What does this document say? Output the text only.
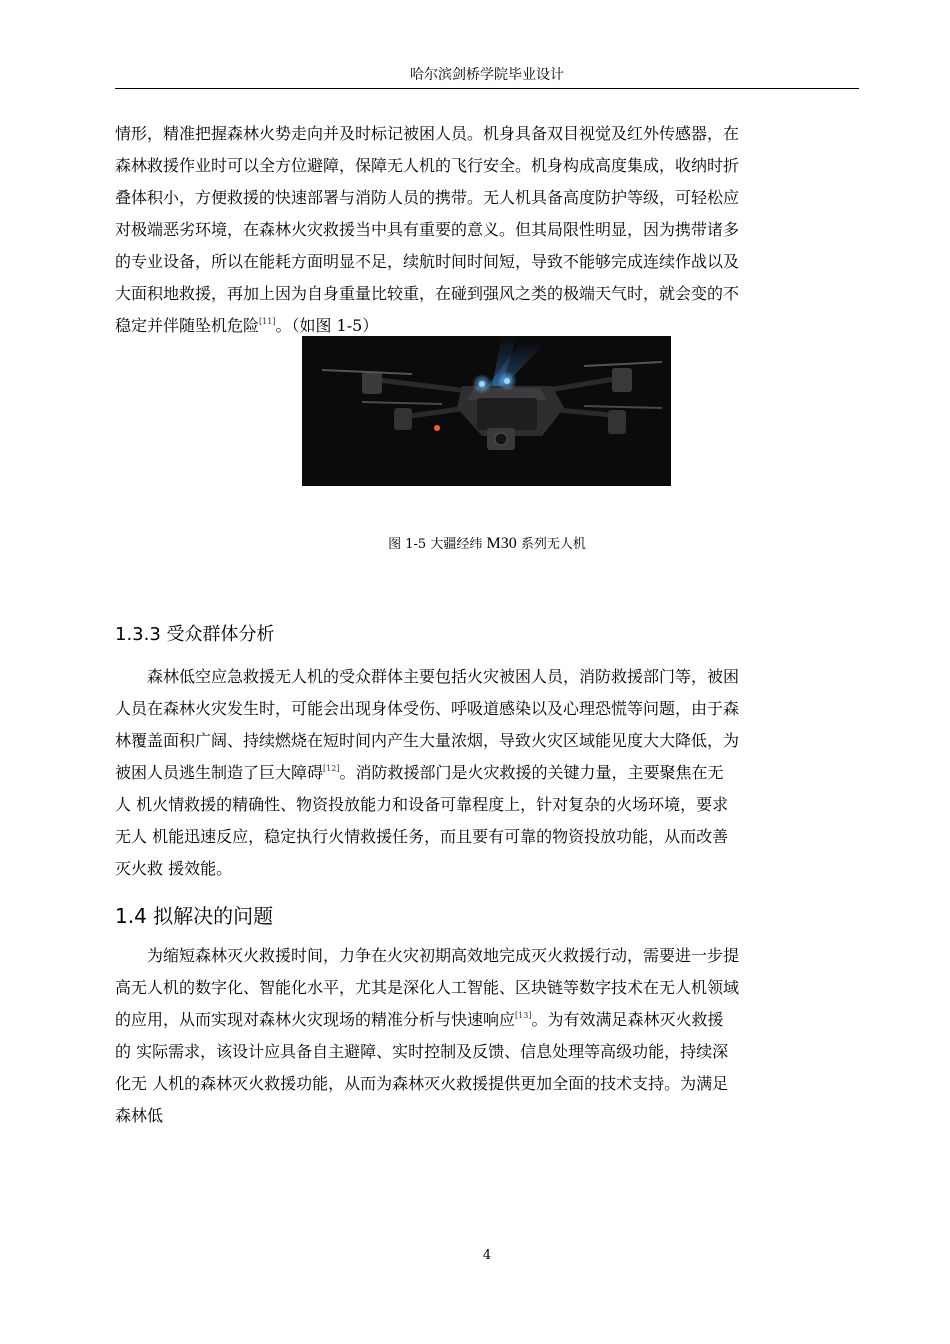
哈尔滨剑桥学院毕业设计
情形，精准把握森林火势走向并及时标记被困人员。机身具备双目视觉及红外传感器，在
森林救援作业时可以全方位避障，保障无人机的飞行安全。机身构成高度集成，收纳时折
叠体积小，方便救援的快速部署与消防人员的携带。无人机具备高度防护等级，可轻松应
对极端恶劣环境，在森林火灾救援当中具有重要的意义。但其局限性明显，因为携带诸多
的专业设备，所以在能耗方面明显不足，续航时间时间短，导致不能够完成连续作战以及
大面积地救援，再加上因为自身重量比较重，在碰到强风之类的极端天气时，就会变的不
稳定并伴随坠机危险[11]。（如图 1-5）
图 1-5 大疆经纬 M30 系列无人机
1.3.3 受众群体分析
　　森林低空应急救援无人机的受众群体主要包括火灾被困人员，消防救援部门等，被困
人员在森林火灾发生时，可能会出现身体受伤、呼吸道感染以及心理恐慌等问题，由于森
林覆盖面积广阔、持续燃烧在短时间内产生大量浓烟，导致火灾区域能见度大大降低，为
被困人员逃生制造了巨大障碍[12]。消防救援部门是火灾救援的关键力量，主要聚焦在无
人 机火情救援的精确性、物资投放能力和设备可靠程度上，针对复杂的火场环境，要求
无人 机能迅速反应，稳定执行火情救援任务，而且要有可靠的物资投放功能，从而改善
灭火救 援效能。
1.4 拟解决的问题
　　为缩短森林灭火救援时间，力争在火灾初期高效地完成灭火救援行动，需要进一步提
高无人机的数字化、智能化水平，尤其是深化人工智能、区块链等数字技术在无人机领域
的应用，从而实现对森林火灾现场的精准分析与快速响应[13]。为有效满足森林灭火救援
的 实际需求，该设计应具备自主避障、实时控制及反馈、信息处理等高级功能，持续深
化无 人机的森林灭火救援功能，从而为森林灭火救援提供更加全面的技术支持。为满足
森林低
4
